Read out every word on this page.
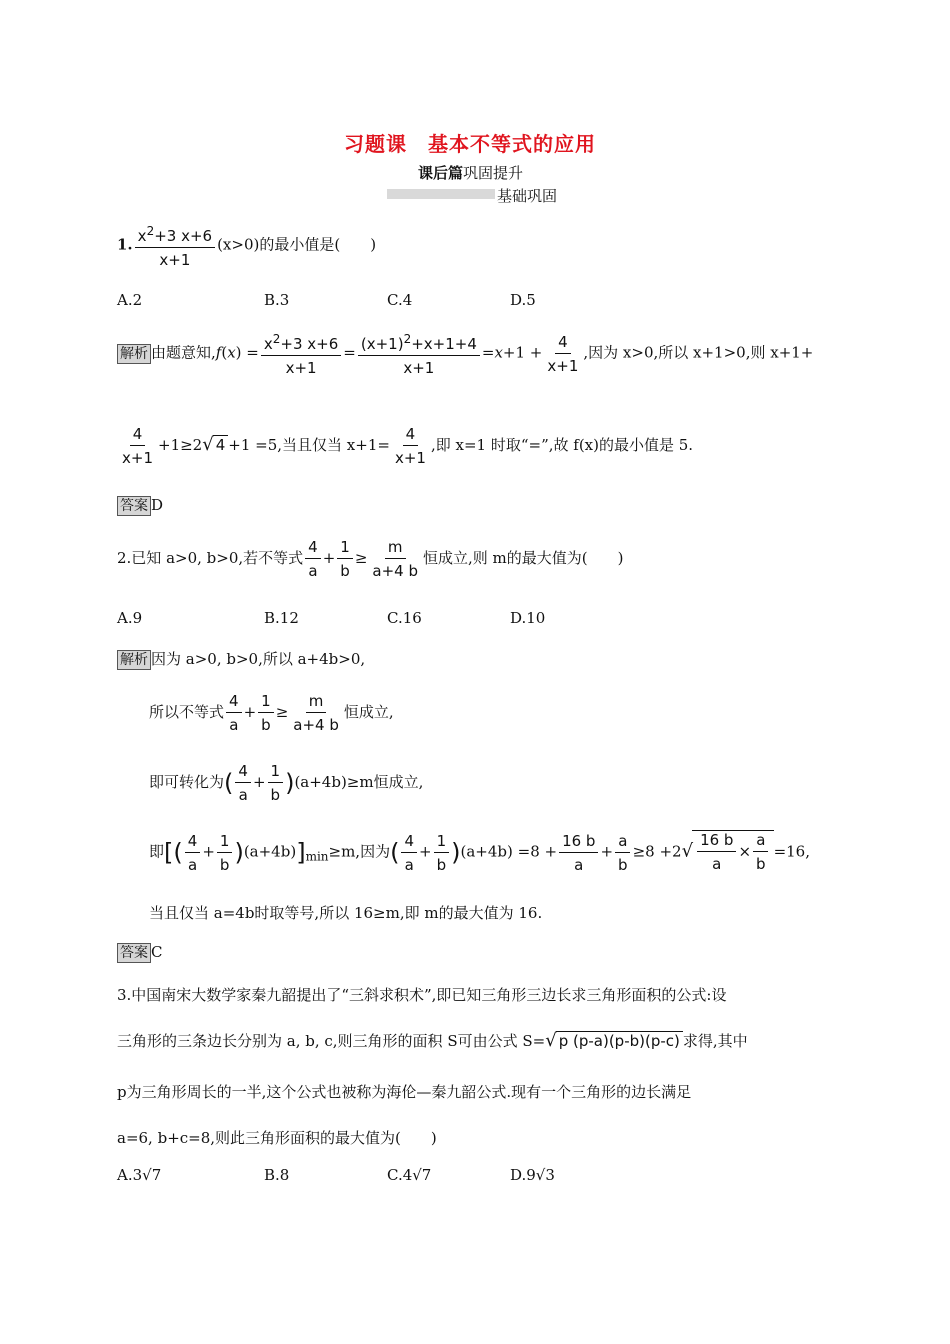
习题课　基本不等式的应用
课后篇巩固提升
基础巩固
1. $\frac{x^2+3 x+6}{x+1} (x>0)$的最小值是(　　)
A.2	B.3	C.4	D.5
解析 由题意知$,f(x) = \frac{x^2+3 x+6}{x+1} = \frac{(x+1)^2+x+1+4}{x+1} =x+1 + \frac{4}{x+1}$ ,因为 x>0,所以 x+1>0,则 x+1+
$\frac{4}{x+1} +1\ge 2√$ 4 +1 =5,当且仅当 $x+1= \frac{4}{x+1}$ ,即 x=1 时取“=”,故 f(x)的最小值是 5.
答案 D
2.已知 a>0, b>0,若不等式 $\frac{4}{a} + \frac{1}{b} \ge \frac{m}{a+4 b}$ 恒成立,则 m的最大值为(　　)
A.9	B.12	C.16	D.10
解析 因为 a>0, b>0,所以 a+4b>0,
所以不等式 $\frac{4}{a} + \frac{1}{b} \ge \frac{m}{a+4 b}$ 恒成立,
即可转化为( $\frac{4}{a} + \frac{1}{b} )(a+4b)\ge m$恒成立,
即[( $\frac{4}{a} + \frac{1}{b} )(a+4b)]_{min}\ge m$,因为( $\frac{4}{a} + \frac{1}{b} )(a+4b) =8 + \frac{16 b}{a} + \frac{a}{b} \ge 8 +2√ \frac{16 b}{a} \times \frac{a}{b} =16$,
当且仅当 a=4b时取等号,所以 16≥m,即 m的最大值为 16.
答案 C
3.中国南宋大数学家秦九韶提出了“三斜求积术”,即已知三角形三边长求三角形面积的公式:设
三角形的三条边长分别为 a, b, c,则三角形的面积 S可由公式 S=√ p (p-a)(p-b)(p-c) 求得,其中
p为三角形周长的一半,这个公式也被称为海伦—秦九韶公式.现有一个三角形的边长满足
a=6, b+c=8,则此三角形面积的最大值为(　　)
A.3√7	B.8	C.4√7	D.9√3
